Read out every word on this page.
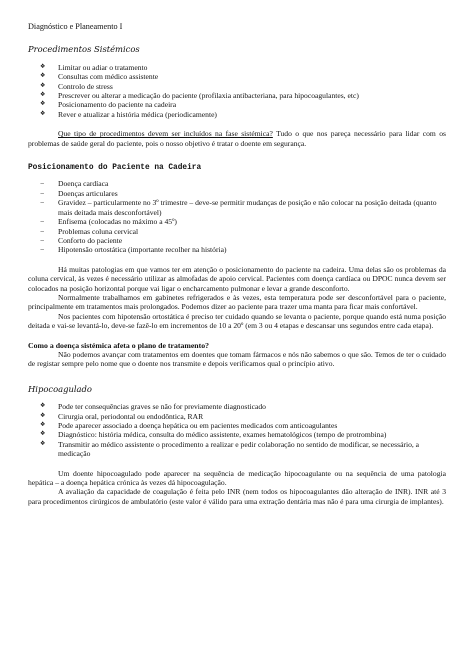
Diagnóstico e Planeamento I
Procedimentos Sistémicos
❖ Limitar ou adiar o tratamento
❖ Consultas com médico assistente
❖ Controlo de stress
❖ Prescrever ou alterar a medicação do paciente (profilaxia antibacteriana, para hipocoagulantes, etc)
❖ Posicionamento do paciente na cadeira
❖ Rever e atualizar a história médica (periodicamente)

Que tipo de procedimentos devem ser incluídos na fase sistémica? Tudo o que nos pareça necessário para lidar com os problemas de saúde geral do paciente, pois o nosso objetivo é tratar o doente em segurança.

Posicionamento do Paciente na Cadeira
− Doença cardíaca
− Doenças articulares
− Gravidez – particularmente no 3º trimestre – deve-se permitir mudanças de posição e não colocar na posição deitada (quanto mais deitada mais desconfortável)
− Enfisema (colocadas no máximo a 45º)
− Problemas coluna cervical
− Conforto do paciente
− Hipotensão ortostática (importante recolher na história)

Há muitas patologias em que vamos ter em atenção o posicionamento do paciente na cadeira. Uma delas são os problemas da coluna cervical, às vezes é necessário utilizar as almofadas de apoio cervical. Pacientes com doença cardíaca ou DPOC nunca devem ser colocados na posição horizontal porque vai ligar o encharcamento pulmonar e levar a grande desconforto.

Normalmente trabalhamos em gabinetes refrigerados e às vezes, esta temperatura pode ser desconfortável para o paciente, principalmente em tratamentos mais prolongados. Podemos dizer ao paciente para trazer uma manta para ficar mais confortável.

Nos pacientes com hipotensão ortostática é preciso ter cuidado quando se levanta o paciente, porque quando está numa posição deitada e vai-se levantá-lo, deve-se fazê-lo em incrementos de 10 a 20º (em 3 ou 4 etapas e descansar uns segundos entre cada etapa).

Como a doença sistémica afeta o plano de tratamento?

Não podemos avançar com tratamentos em doentes que tomam fármacos e nós não sabemos o que são. Temos de ter o cuidado de registar sempre pelo nome que o doente nos transmite e depois verificamos qual o princípio ativo.

Hipocoagulado
❖ Pode ter consequências graves se não for previamente diagnosticado
❖ Cirurgia oral, periodontal ou endodôntica, RAR
❖ Pode aparecer associado a doença hepática ou em pacientes medicados com anticoagulantes
❖ Diagnóstico: história médica, consulta do médico assistente, exames hematológicos (tempo de protrombina)
❖ Transmitir ao médico assistente o procedimento a realizar e pedir colaboração no sentido de modificar, se necessário, a medicação

Um doente hipocoagulado pode aparecer na sequência de medicação hipocoagulante ou na sequência de uma patologia hepática – a doença hepática crónica às vezes dá hipocoagulação.

A avaliação da capacidade de coagulação é feita pelo INR (nem todos os hipocoagulantes dão alteração de INR). INR até 3 para procedimentos cirúrgicos de ambulatório (este valor é válido para uma extração dentária mas não é para uma cirurgia de implantes).
